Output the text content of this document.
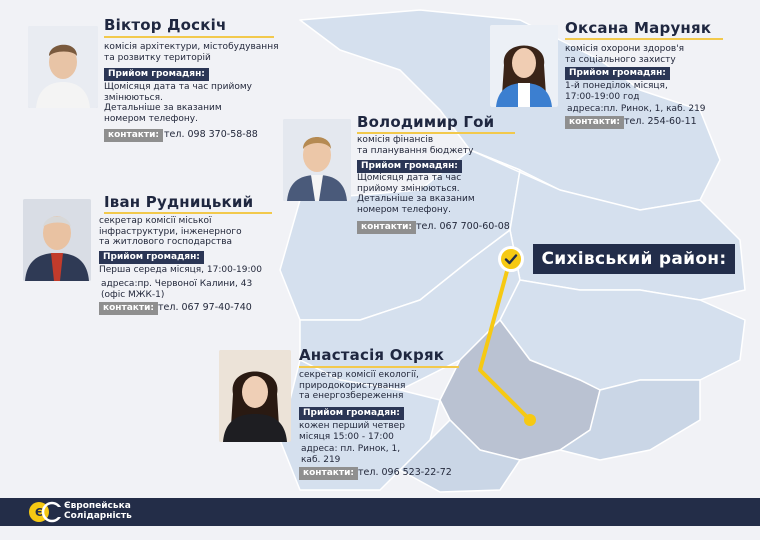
Віктор Доскіч
комісія архітектури, містобудування
та розвитку територій
Прийом громадян:
Щомісяця дата та час прийому
змінюються.
Детальніше за вказаним
номером телефону.
контакти: тел. 098 370-58-88
Оксана Маруняк
комісія охорони здоров'я
та соціального захисту
Прийом громадян:
1-й понеділок місяця,
17:00-19:00 год
адреса:пл. Ринок, 1, каб. 219
контакти: тел. 254-60-11
Володимир Гой
комісія фінансів
та планування бюджету
Прийом громадян:
Щомісяця дата та час
прийому змінюються.
Детальніше за вказаним
номером телефону.
контакти: тел. 067 700-60-08
Іван Рудницький
секретар комісії міської
інфраструктури, інженерного
та житлового господарства
Прийом громадян:
Перша середа місяця, 17:00-19:00
адреса:пр. Червоної Калини, 43
(офіс МЖК-1)
контакти: тел. 067 97-40-740
Анастасія Окряк
секретар комісії екології,
природокористування
та енергозбереження
Прийом громадян:
кожен перший четвер
місяця 15:00 - 17:00
адреса: пл. Ринок, 1,
каб. 219
контакти: тел. 096 523-22-72
Сихівський район:
Є Європейська
Солідарність
